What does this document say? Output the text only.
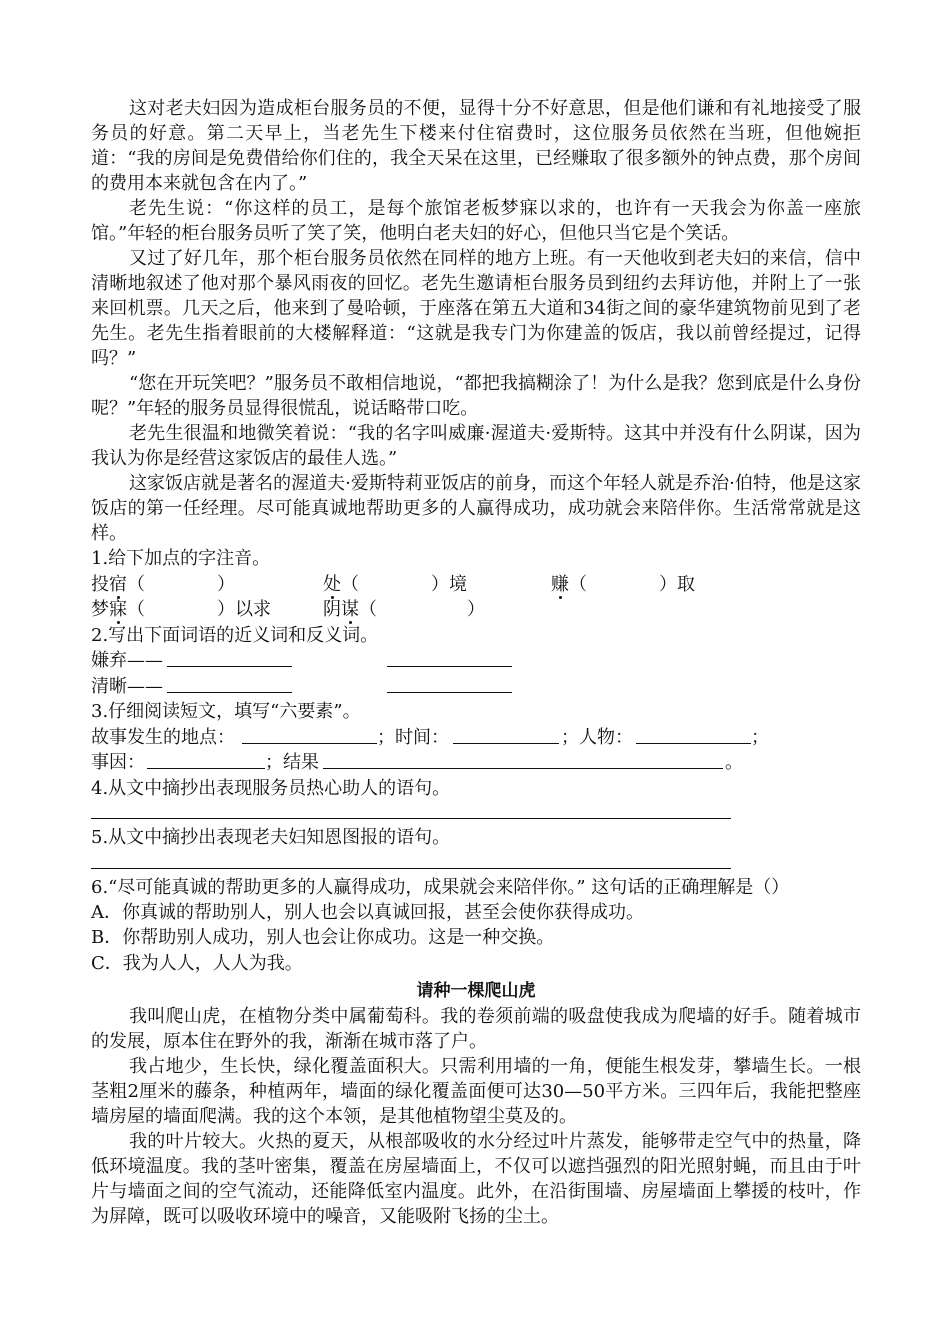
这对老夫妇因为造成柜台服务员的不便，显得十分不好意思，但是他们谦和有礼地接受了服务员的好意。第二天早上，当老先生下楼来付住宿费时，这位服务员依然在当班，但他婉拒道：“我的房间是免费借给你们住的，我全天呆在这里，已经赚取了很多额外的钟点费，那个房间的费用本来就包含在内了。”

老先生说：“你这样的员工，是每个旅馆老板梦寐以求的，也许有一天我会为你盖一座旅馆。”年轻的柜台服务员听了笑了笑，他明白老夫妇的好心，但他只当它是个笑话。

又过了好几年，那个柜台服务员依然在同样的地方上班。有一天他收到老夫妇的来信，信中清晰地叙述了他对那个暴风雨夜的回忆。老先生邀请柜台服务员到纽约去拜访他，并附上了一张来回机票。几天之后，他来到了曼哈顿，于座落在第五大道和34街之间的豪华建筑物前见到了老先生。老先生指着眼前的大楼解释道：“这就是我专门为你建盖的饭店，我以前曾经提过，记得吗？”

“您在开玩笑吧？”服务员不敢相信地说，“都把我搞糊涂了！为什么是我？您到底是什么身份呢？”年轻的服务员显得很慌乱，说话略带口吃。

老先生很温和地微笑着说：“我的名字叫威廉·渥道夫·爱斯特。这其中并没有什么阴谋，因为我认为你是经营这家饭店的最佳人选。”

这家饭店就是著名的渥道夫·爱斯特莉亚饭店的前身，而这个年轻人就是乔治·伯特，他是这家饭店的第一任经理。尽可能真诚地帮助更多的人赢得成功，成功就会来陪伴你。生活常常就是这样。

1.给下加点的字注音。
投宿（　　　　）	处（　　　　）境	赚（　　　　）取
梦寐（　　　　）以求	阴谋（　　　　　）
2.写出下面词语的近义词和反义词。
嫌弃——
清晰——
3.仔细阅读短文，填写“六要素”。
故事发生的地点：	；时间：	；人物：	；
事因：	；结果	。
4.从文中摘抄出表现服务员热心助人的语句。
5.从文中摘抄出表现老夫妇知恩图报的语句。

6.“尽可能真诚的帮助更多的人赢得成功，成果就会来陪伴你。” 这句话的正确理解是（）

A．你真诚的帮助别人，别人也会以真诚回报，甚至会使你获得成功。
B．你帮助别人成功，别人也会让你成功。这是一种交换。
C．我为人人，人人为我。
请种一棵爬山虎

我叫爬山虎，在植物分类中属葡萄科。我的卷须前端的吸盘使我成为爬墙的好手。随着城市的发展，原本住在野外的我，渐渐在城市落了户。

我占地少，生长快，绿化覆盖面积大。只需利用墙的一角，便能生根发芽，攀墙生长。一根茎粗2厘米的藤条，种植两年，墙面的绿化覆盖面便可达30—50平方米。三四年后，我能把整座墙房屋的墙面爬满。我的这个本领，是其他植物望尘莫及的。

我的叶片较大。火热的夏天，从根部吸收的水分经过叶片蒸发，能够带走空气中的热量，降低环境温度。我的茎叶密集，覆盖在房屋墙面上，不仅可以遮挡强烈的阳光照射蝇，而且由于叶片与墙面之间的空气流动，还能降低室内温度。此外，在沿街围墙、房屋墙面上攀援的枝叶，作为屏障，既可以吸收环境中的噪音，又能吸附飞扬的尘土。
